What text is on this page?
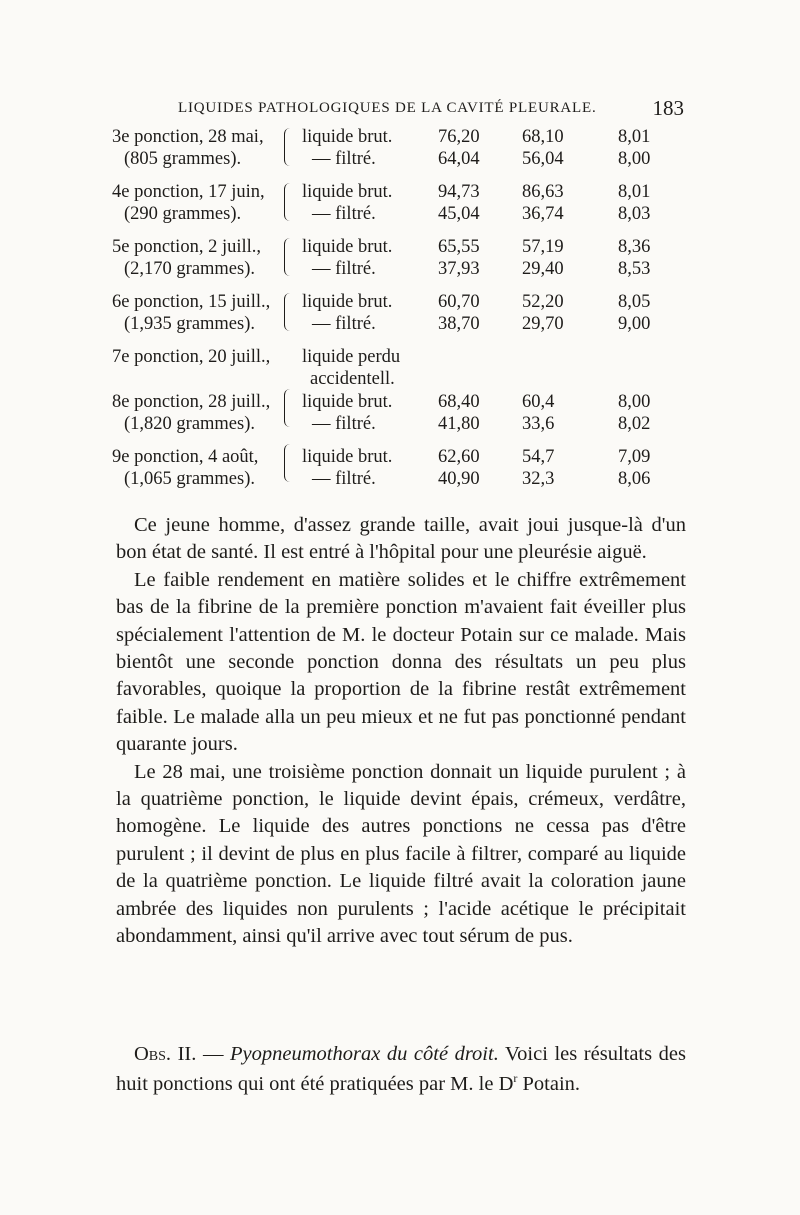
LIQUIDES PATHOLOGIQUES DE LA CAVITÉ PLEURALE.	183
3e ponction, 28 mai, liquide brut. 76,20 68,10	8,01
(805 grammes).	— filtré.	64,04 56,04	8,00
4e ponction, 17 juin, liquide brut. 94,73 86,63	8,01
(290 grammes).	— filtré.	45,04 36,74	8,03
5e ponction, 2 juill., liquide brut. 65,55 57,19	8,36
(2,170 grammes).	— filtré.	37,93 29,40	8,53
6e ponction, 15 juill., liquide brut. 60,70 52,20	8,05
(1,935 grammes).	— filtré.	38,70 29,70	9,00
7e ponction, 20 juill., liquide perdu
accidentell.
8e ponction, 28 juill., liquide brut. 68,40 60,4	8,00
(1,820 grammes).	— filtré.	41,80 33,6	8,02
9e ponction, 4 août, liquide brut. 62,60 54,7	7,09
(1,065 grammes).	— filtré.	40,90 32,3	8,06

Ce jeune homme, d'assez grande taille, avait joui jusque-là d'un bon état de santé. Il est entré à l'hôpital pour une pleurésie aiguë.

Le faible rendement en matière solides et le chiffre extrêmement bas de la fibrine de la première ponction m'avaient fait éveiller plus spécialement l'attention de M. le docteur Potain sur ce malade. Mais bientôt une seconde ponction donna des résultats un peu plus favorables, quoique la proportion de la fibrine restât extrêmement faible. Le malade alla un peu mieux et ne fut pas ponctionné pendant quarante jours.

Le 28 mai, une troisième ponction donnait un liquide purulent ; à la quatrième ponction, le liquide devint épais, crémeux, verdâtre, homogène. Le liquide des autres ponctions ne cessa pas d'être purulent ; il devint de plus en plus facile à filtrer, comparé au liquide de la quatrième ponction. Le liquide filtré avait la coloration jaune ambrée des liquides non purulents ; l'acide acétique le précipitait abondamment, ainsi qu'il arrive avec tout sérum de pus.

Obs. II. — Pyopneumothorax du côté droit. Voici les résultats des huit ponctions qui ont été pratiquées par M. le $D^r$ Potain.
